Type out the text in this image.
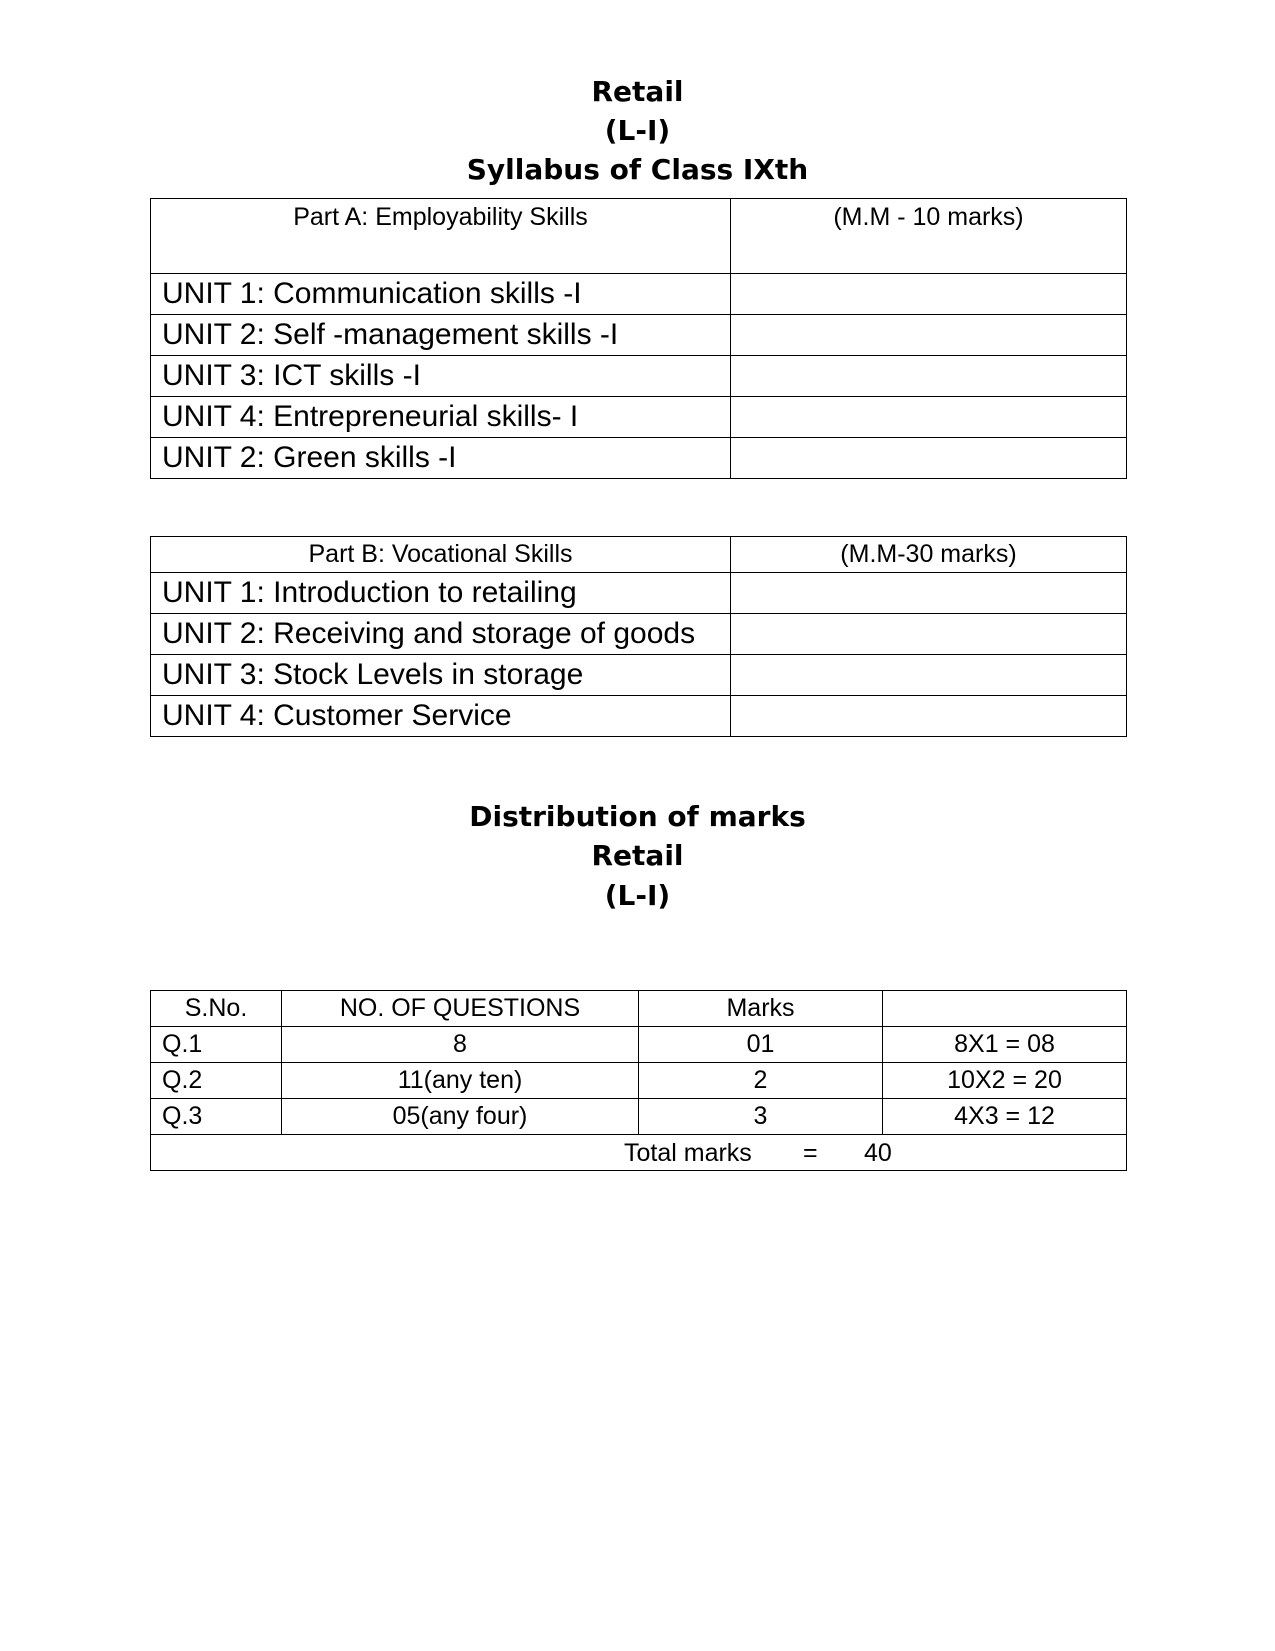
Retail
(L-I)
Syllabus of Class IXth
Part A: Employability Skills	(M.M - 10 marks)
UNIT 1: Communication skills -I	
UNIT 2: Self -management skills -I	
UNIT 3: ICT skills -I	
UNIT 4: Entrepreneurial skills- I	
UNIT 2: Green skills -I	
Part B: Vocational Skills	(M.M-30 marks)
UNIT 1: Introduction to retailing	
UNIT 2: Receiving and storage of goods	
UNIT 3: Stock Levels in storage	
UNIT 4: Customer Service	
Distribution of marks
Retail
(L-I)
S.No.	NO. OF QUESTIONS	Marks	
Q.1	8	01	8X1 = 08
Q.2	11(any ten)	2	10X2 = 20
Q.3	05(any four)	3	4X3 = 12

Total marks = 40			
